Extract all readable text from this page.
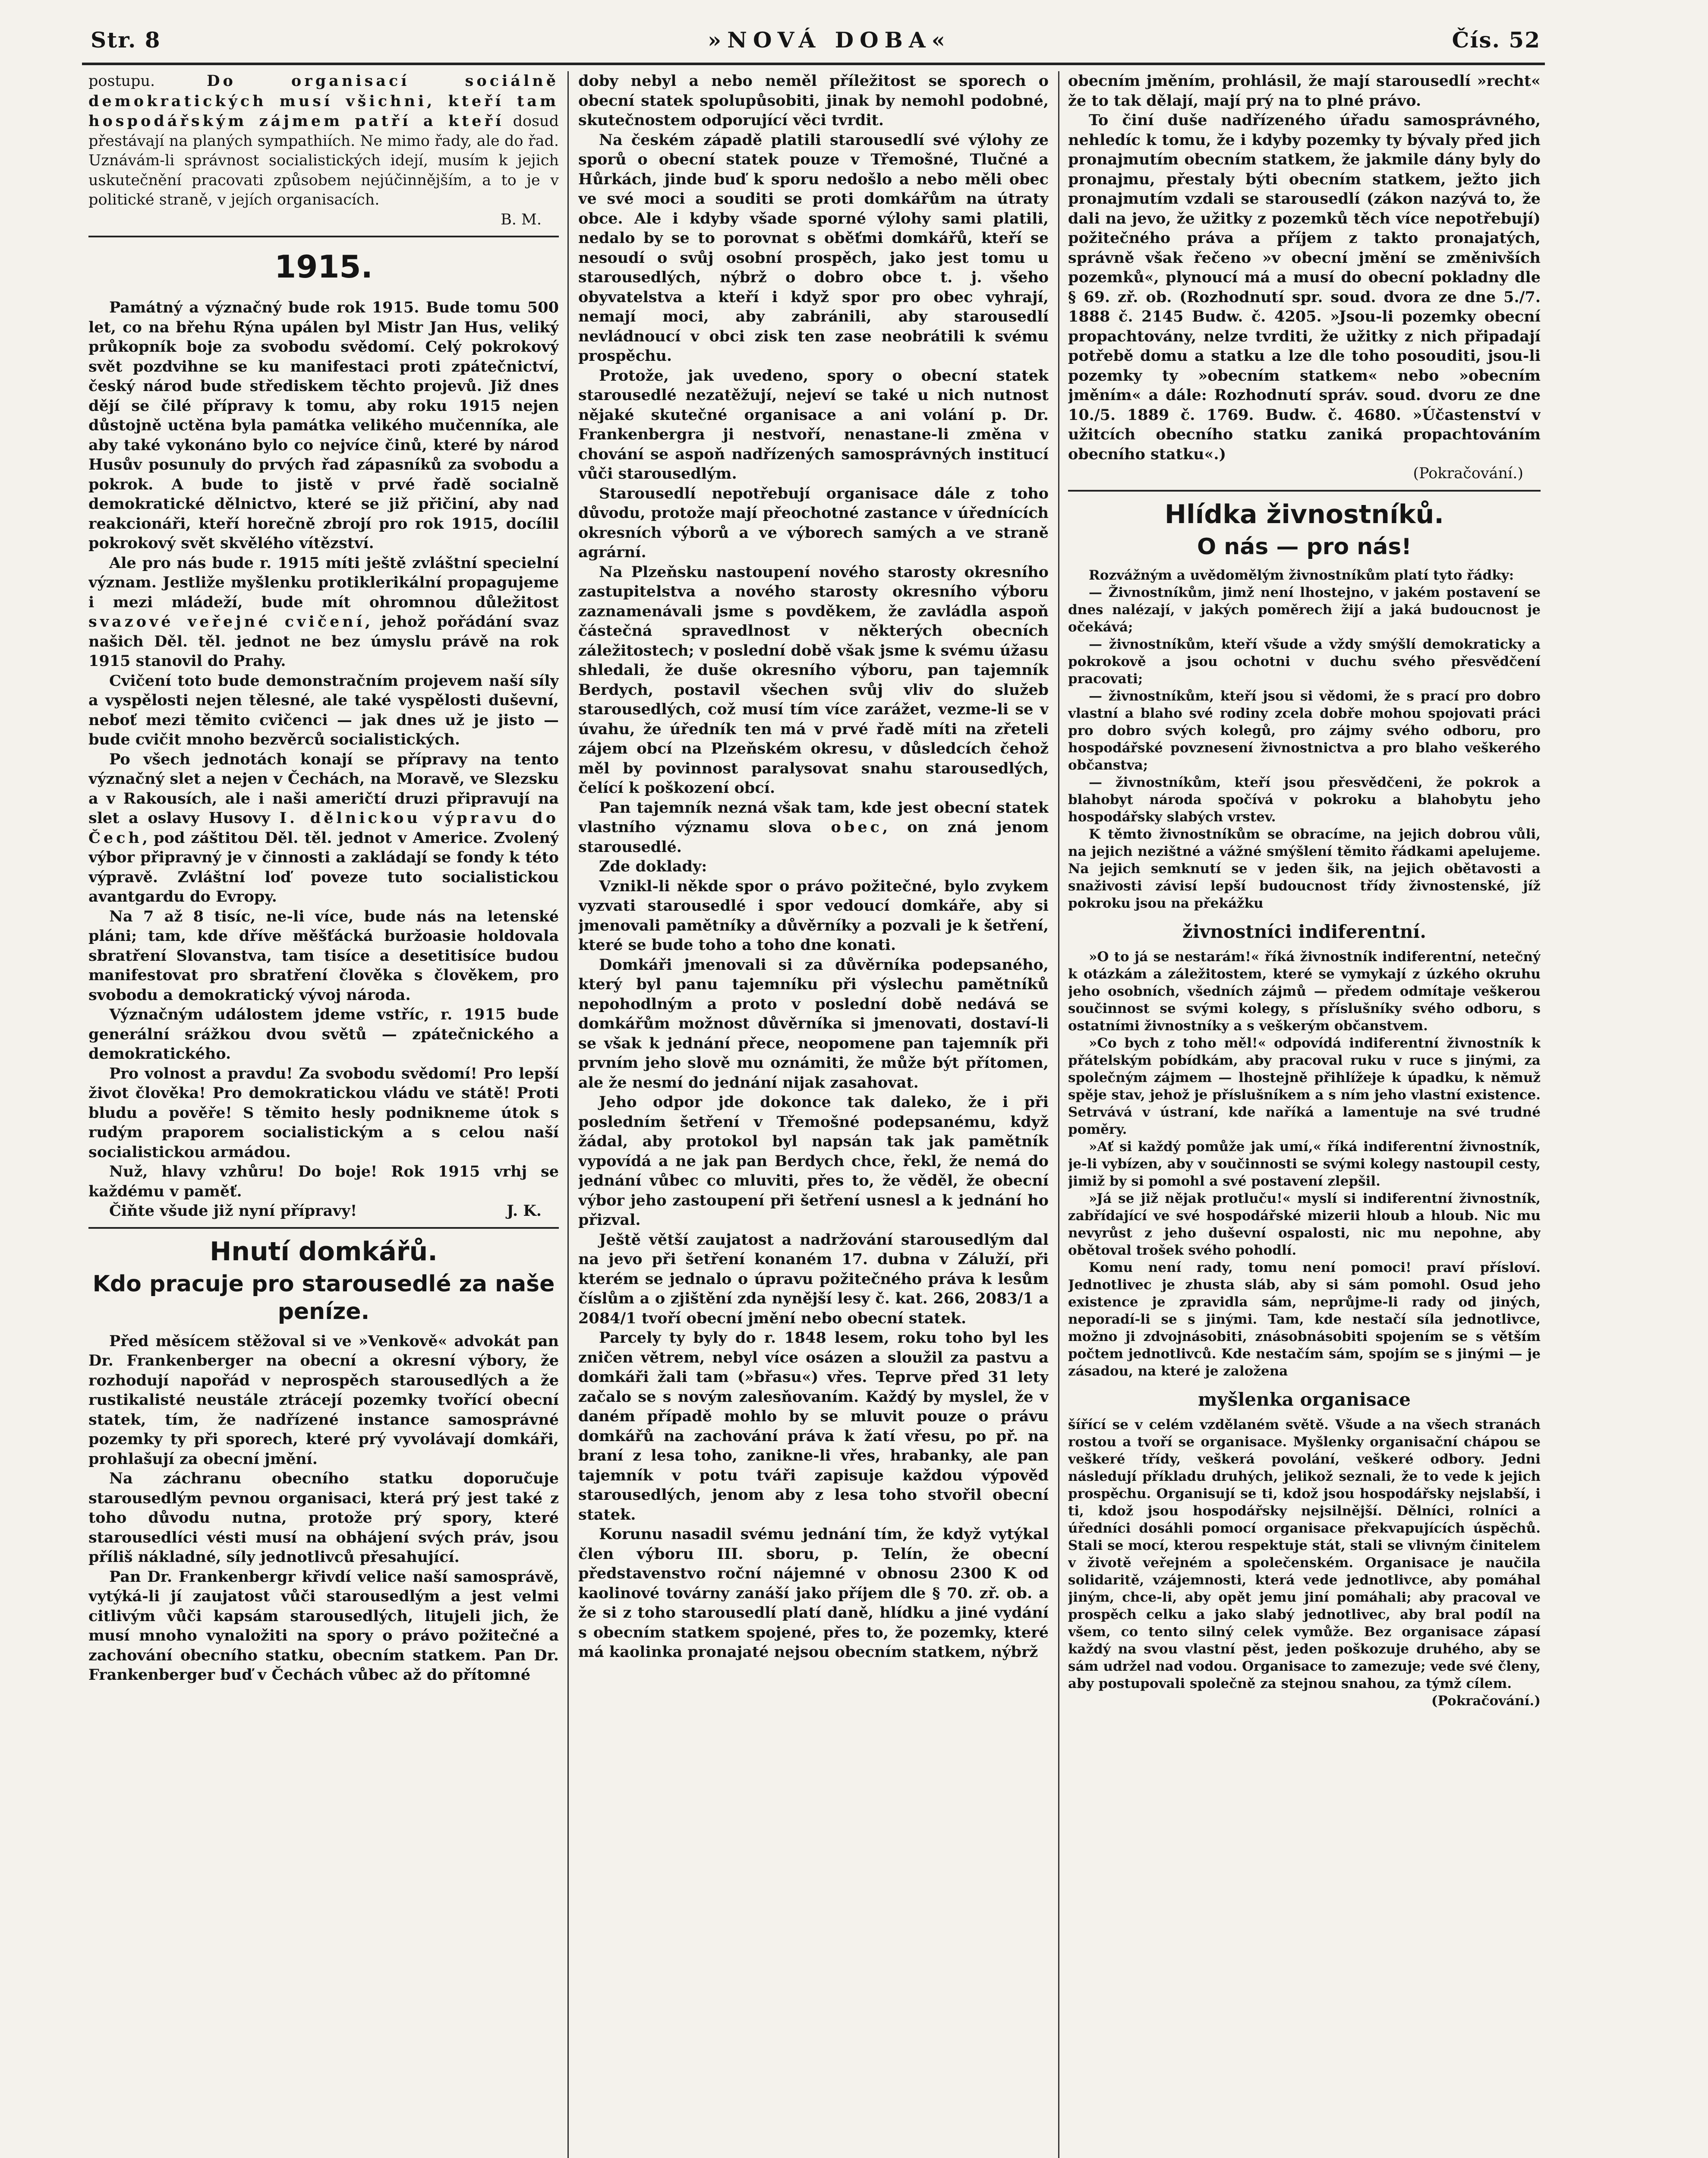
Str. 8	»NOVÁ DOBA«	Čís. 52

postupu. Do organisací sociálně demokratických musí všichni, kteří tam hospodářským zájmem patří a kteří dosud přestávají na planých sympathiích. Ne mimo řady, ale do řad. Uznávám-li správnost socialistických idejí, musím k jejich uskutečnění pracovati způsobem nejúčinnějším, a to je v politické straně, v jejích organisacích.

B. M.
1915.

Památný a význačný bude rok 1915. Bude tomu 500 let, co na břehu Rýna upálen byl Mistr Jan Hus, veliký průkopník boje za svobodu svědomí. Celý pokrokový svět pozdvihne se ku manifestaci proti zpátečnictví, český národ bude střediskem těchto projevů. Již dnes dějí se čilé přípravy k tomu, aby roku 1915 nejen důstojně uctěna byla památka velikého mučenníka, ale aby také vykonáno bylo co nejvíce činů, které by národ Husův posunuly do prvých řad zápasníků za svobodu a pokrok. A bude to jistě v prvé řadě socialně demokratické dělnictvo, které se již přičiní, aby nad reakcionáři, kteří horečně zbrojí pro rok 1915, docílil pokrokový svět skvělého vítězství.

Ale pro nás bude r. 1915 míti ještě zvláštní specielní význam. Jestliže myšlenku protiklerikální propagujeme i mezi mládeží, bude mít ohromnou důležitost svazové veřejné cvičení, jehož pořádání svaz našich Děl. těl. jednot ne bez úmyslu právě na rok 1915 stanovil do Prahy.

Cvičení toto bude demonstračním projevem naší síly a vyspělosti nejen tělesné, ale také vyspělosti duševní, neboť mezi těmito cvičenci — jak dnes už je jisto — bude cvičit mnoho bezvěrců socialistických.

Po všech jednotách konají se přípravy na tento význačný slet a nejen v Čechách, na Moravě, ve Slezsku a v Rakousích, ale i naši američtí druzi připravují na slet a oslavy Husovy I. dělnickou výpravu do Čech, pod záštitou Děl. těl. jednot v Americe. Zvolený výbor připravný je v činnosti a zakládají se fondy k této výpravě. Zvláštní loď poveze tuto socialistickou avantgardu do Evropy.

Na 7 až 8 tisíc, ne-li více, bude nás na letenské pláni; tam, kde dříve měšťácká buržoasie holdovala sbratření Slovanstva, tam tisíce a desetitisíce budou manifestovat pro sbratření člověka s člověkem, pro svobodu a demokratický vývoj národa.

Význačným událostem jdeme vstříc, r. 1915 bude generální srážkou dvou světů — zpátečnického a demokratického.

Pro volnost a pravdu! Za svobodu svědomí! Pro lepší život člověka! Pro demokratickou vládu ve státě! Proti bludu a pověře! S těmito hesly podnikneme útok s rudým praporem socialistickým a s celou naší socialistickou armádou.

Nuž, hlavy vzhůru! Do boje! Rok 1915 vrhj se každému v paměť.

Čiňte všude již nyní přípravy!	J. K.

Hnutí domkářů.
Kdo pracuje pro starousedlé za naše peníze.

Před měsícem stěžoval si ve »Venkově« advokát pan Dr. Frankenberger na obecní a okresní výbory, že rozhodují napořád v neprospěch starousedlých a že rustikalisté neustále ztrácejí pozemky tvořící obecní statek, tím, že nadřízené instance samosprávné pozemky ty při sporech, které prý vyvolávají domkáři, prohlašují za obecní jmění.

Na záchranu obecního statku doporučuje starousedlým pevnou organisaci, která prý jest také z toho důvodu nutna, protože prý spory, které starousedlíci vésti musí na obhájení svých práv, jsou příliš nákladné, síly jednotlivců přesahující.

Pan Dr. Frankenbergr křivdí velice naší samosprávě, vytýká-li jí zaujatost vůči starousedlým a jest velmi citlivým vůči kapsám starousedlých, litujeli jich, že musí mnoho vynaložiti na spory o právo požitečné a zachování obecního statku, obecním statkem. Pan Dr. Frankenberger buď v Čechách vůbec až do přítomné

doby nebyl a nebo neměl příležitost se sporech o obecní statek spolupůsobiti, jinak by nemohl podobné, skutečnostem odporující věci tvrdit.

Na českém západě platili starousedlí své výlohy ze sporů o obecní statek pouze v Třemošné, Tlučné a Hůrkách, jinde buď k sporu nedošlo a nebo měli obec ve své moci a souditi se proti domkářům na útraty obce. Ale i kdyby všade sporné výlohy sami platili, nedalo by se to porovnat s oběťmi domkářů, kteří se nesoudí o svůj osobní prospěch, jako jest tomu u starousedlých, nýbrž o dobro obce t. j. všeho obyvatelstva a kteří i když spor pro obec vyhrají, nemají moci, aby zabránili, aby starousedlí nevládnoucí v obci zisk ten zase neobrátili k svému prospěchu.

Protože, jak uvedeno, spory o obecní statek starousedlé nezatěžují, nejeví se také u nich nutnost nějaké skutečné organisace a ani volání p. Dr. Frankenbergra ji nestvoří, nenastane-li změna v chování se aspoň nadřízených samosprávných institucí vůči starousedlým.

Starousedlí nepotřebují organisace dále z toho důvodu, protože mají přeochotné zastance v úřednících okresních výborů a ve výborech samých a ve straně agrární.

Na Plzeňsku nastoupení nového starosty okresního zastupitelstva a nového starosty okresního výboru zaznamenávali jsme s povděkem, že zavládla aspoň částečná spravedlnost v některých obecních záležitostech; v poslední době však jsme k svému úžasu shledali, že duše okresního výboru, pan tajemník Berdych, postavil všechen svůj vliv do služeb starousedlých, což musí tím více zarážet, vezme-li se v úvahu, že úředník ten má v prvé řadě míti na zřeteli zájem obcí na Plzeňském okresu, v důsledcích čehož měl by povinnost paralysovat snahu starousedlých, čelící k poškození obcí.

Pan tajemník nezná však tam, kde jest obecní statek vlastního významu slova obec, on zná jenom starousedlé.

Zde doklady:

Vznikl-li někde spor o právo požitečné, bylo zvykem vyzvati starousedlé i spor vedoucí domkáře, aby si jmenovali pamětníky a důvěrníky a pozvali je k šetření, které se bude toho a toho dne konati.

Domkáři jmenovali si za důvěrníka podepsaného, který byl panu tajemníku při výslechu pamětníků nepohodlným a proto v poslední době nedává se domkářům možnost důvěrníka si jmenovati, dostaví-li se však k jednání přece, neopomene pan tajemník při prvním jeho slově mu oznámiti, že může být přítomen, ale že nesmí do jednání nijak zasahovat.

Jeho odpor jde dokonce tak daleko, že i při posledním šetření v Třemošné podepsanému, když žádal, aby protokol byl napsán tak jak pamětník vypovídá a ne jak pan Berdych chce, řekl, že nemá do jednání vůbec co mluviti, přes to, že věděl, že obecní výbor jeho zastoupení při šetření usnesl a k jednání ho přizval.

Ještě větší zaujatost a nadržování starousedlým dal na jevo při šetření konaném 17. dubna v Záluží, při kterém se jednalo o úpravu požitečného práva k lesům číslům a o zjištění zda nynější lesy č. kat. 266, 2083/1 a 2084/1 tvoří obecní jmění nebo obecní statek.

Parcely ty byly do r. 1848 lesem, roku toho byl les zničen větrem, nebyl více osázen a sloužil za pastvu a domkáři žali tam (»břasu«) vřes. Teprve před 31 lety začalo se s novým zalesňovaním. Každý by myslel, že v daném případě mohlo by se mluvit pouze o právu domkářů na zachování práva k žatí vřesu, po př. na braní z lesa toho, zanikne-li vřes, hrabanky, ale pan tajemník v potu tváři zapisuje každou výpověď starousedlých, jenom aby z lesa toho stvořil obecní statek.

Korunu nasadil svému jednání tím, že když vytýkal člen výboru III. sboru, p. Telín, že obecní představenstvo roční nájemné v obnosu 2300 K od kaolinové továrny zanáší jako příjem dle § 70. zř. ob. a že si z toho starousedlí platí daně, hlídku a jiné vydání s obecním statkem spojené, přes to, že pozemky, které má kaolinka pronajaté nejsou obecním statkem, nýbrž

obecním jměním, prohlásil, že mají starousedlí »recht« že to tak dělají, mají prý na to plné právo.

To činí duše nadřízeného úřadu samosprávného, nehledíc k tomu, že i kdyby pozemky ty bývaly před jich pronajmutím obecním statkem, že jakmile dány byly do pronajmu, přestaly býti obecním statkem, ježto jich pronajmutím vzdali se starousedlí (zákon nazývá to, že dali na jevo, že užitky z pozemků těch více nepotřebují) požitečného práva a příjem z takto pronajatých, správně však řečeno »v obecní jmění se změnivších pozemků«, plynoucí má a musí do obecní pokladny dle § 69. zř. ob. (Rozhodnutí spr. soud. dvora ze dne 5./7. 1888 č. 2145 Budw. č. 4205. »Jsou-li pozemky obecní propachtovány, nelze tvrditi, že užitky z nich připadají potřebě domu a statku a lze dle toho posouditi, jsou-li pozemky ty »obecním statkem« nebo »obecním jměním« a dále: Rozhodnutí správ. soud. dvoru ze dne 10./5. 1889 č. 1769. Budw. č. 4680. »Účastenství v užitcích obecního statku zaniká propachtováním obecního statku«.)

(Pokračování.)
Hlídka živnostníků.
O nás — pro nás!

Rozvážným a uvědomělým živnostníkům platí tyto řádky:

— Živnostníkům, jimž není lhostejno, v jakém postavení se dnes nalézají, v jakých poměrech žijí a jaká budoucnost je očekává;

— živnostníkům, kteří všude a vždy smýšlí demokraticky a pokrokově a jsou ochotni v duchu svého přesvědčení pracovati;

— živnostníkům, kteří jsou si vědomi, že s prací pro dobro vlastní a blaho své rodiny zcela dobře mohou spojovati práci pro dobro svých kolegů, pro zájmy svého odboru, pro hospodářské povznesení živnostnictva a pro blaho veškerého občanstva;

— živnostníkům, kteří jsou přesvědčeni, že pokrok a blahobyt národa spočívá v pokroku a blahobytu jeho hospodářsky slabých vrstev.

K těmto živnostníkům se obracíme, na jejich dobrou vůli, na jejich nezištné a vážné smýšlení těmito řádkami apelujeme. Na jejich semknutí se v jeden šik, na jejich obětavosti a snaživosti závisí lepší budoucnost třídy živnostenské, jíž pokroku jsou na překážku

živnostníci indiferentní.

»O to já se nestarám!« říká živnostník indiferentní, netečný k otázkám a záležitostem, které se vymykají z úzkého okruhu jeho osobních, všedních zájmů — předem odmítaje veškerou součinnost se svými kolegy, s příslušníky svého odboru, s ostatními živnostníky a s veškerým občanstvem.

»Co bych z toho měl!« odpovídá indiferentní živnostník k přátelským pobídkám, aby pracoval ruku v ruce s jinými, za společným zájmem — lhostejně přihlížeje k úpadku, k němuž spěje stav, jehož je příslušníkem a s ním jeho vlastní existence. Setrvává v ústraní, kde naříká a lamentuje na své trudné poměry.

»Ať si každý pomůže jak umí,« říká indiferentní živnostník, je-li vybízen, aby v součinnosti se svými kolegy nastoupil cesty, jimiž by si pomohl a své postavení zlepšil.

»Já se již nějak protluču!« myslí si indiferentní živnostník, zabřídající ve své hospodářské mizerii hloub a hloub. Nic mu nevyrůst z jeho duševní ospalosti, nic mu nepohne, aby obětoval trošek svého pohodlí.

Komu není rady, tomu není pomoci! praví přísloví. Jednotlivec je zhusta sláb, aby si sám pomohl. Osud jeho existence je zpravidla sám, neprůjme-li rady od jiných, neporadí-li se s jinými. Tam, kde nestačí síla jednotlivce, možno ji zdvojnásobiti, znásobnásobiti spojením se s větším počtem jednotlivců. Kde nestačím sám, spojím se s jinými — je zásadou, na které je založena

myšlenka organisace

šířící se v celém vzdělaném světě. Všude a na všech stranách rostou a tvoří se organisace. Myšlenky organisační chápou se veškeré třídy, veškerá povolání, veškeré odbory. Jedni následují příkladu druhých, jelikož seznali, že to vede k jejich prospěchu. Organisují se ti, kdož jsou hospodářsky nejslabší, i ti, kdož jsou hospodářsky nejsilnější. Dělníci, rolníci a úředníci dosáhli pomocí organisace překvapujících úspěchů. Stali se mocí, kterou respektuje stát, stali se vlivným činitelem v životě veřejném a společenském. Organisace je naučila solidaritě, vzájemnosti, která vede jednotlivce, aby pomáhal jiným, chce-li, aby opět jemu jiní pomáhali; aby pracoval ve prospěch celku a jako slabý jednotlivec, aby bral podíl na všem, co tento silný celek vymůže. Bez organisace zápasí každý na svou vlastní pěst, jeden poškozuje druhého, aby se sám udržel nad vodou. Organisace to zamezuje; vede své členy, aby postupovali společně za stejnou snahou, za týmž cílem.
(Pokračování.)
